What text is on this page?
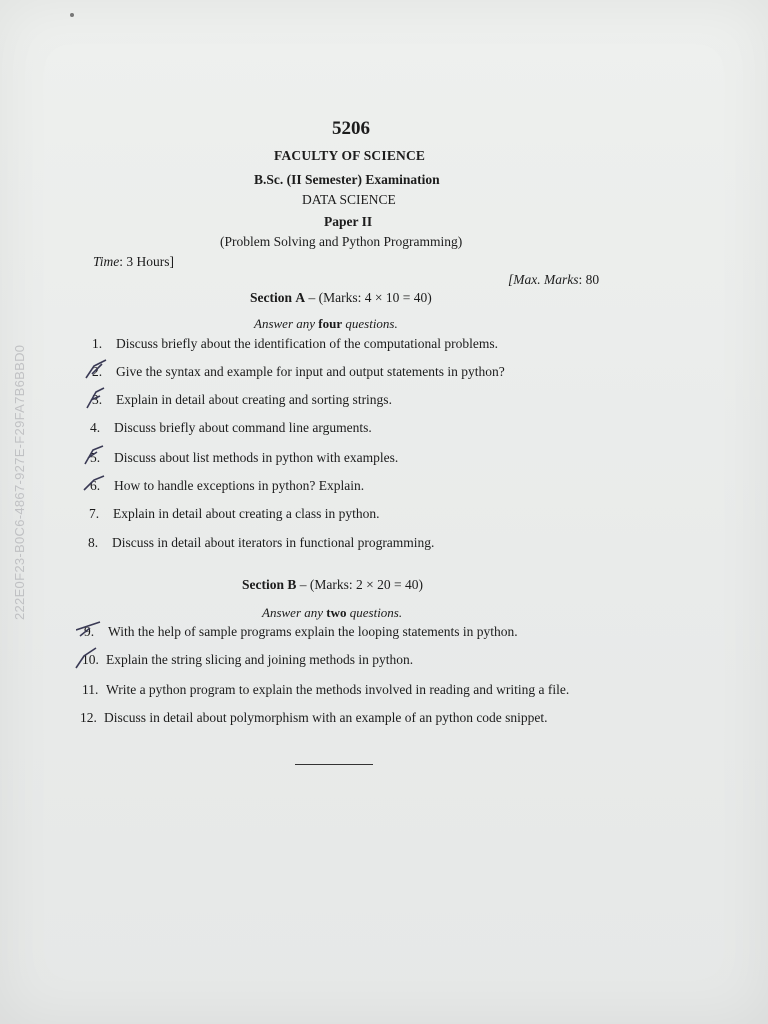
222E0F23-B0C6-4867-927E-F29FA7B6BBD0
5206
FACULTY OF SCIENCE
B.Sc. (II Semester) Examination
DATA SCIENCE
Paper II
(Problem Solving and Python Programming)
Time: 3 Hours]
[Max. Marks: 80
Section A – (Marks: 4 × 10 = 40)
Answer any four questions.
1. Discuss briefly about the identification of the computational problems.
2. Give the syntax and example for input and output statements in python?
3. Explain in detail about creating and sorting strings.
4. Discuss briefly about command line arguments.
5. Discuss about list methods in python with examples.
6. How to handle exceptions in python? Explain.
7. Explain in detail about creating a class in python.
8. Discuss in detail about iterators in functional programming.
Section B – (Marks: 2 × 20 = 40)
Answer any two questions.
9. With the help of sample programs explain the looping statements in python.
10. Explain the string slicing and joining methods in python.
11. Write a python program to explain the methods involved in reading and writing a file.
12. Discuss in detail about polymorphism with an example of an python code snippet.
